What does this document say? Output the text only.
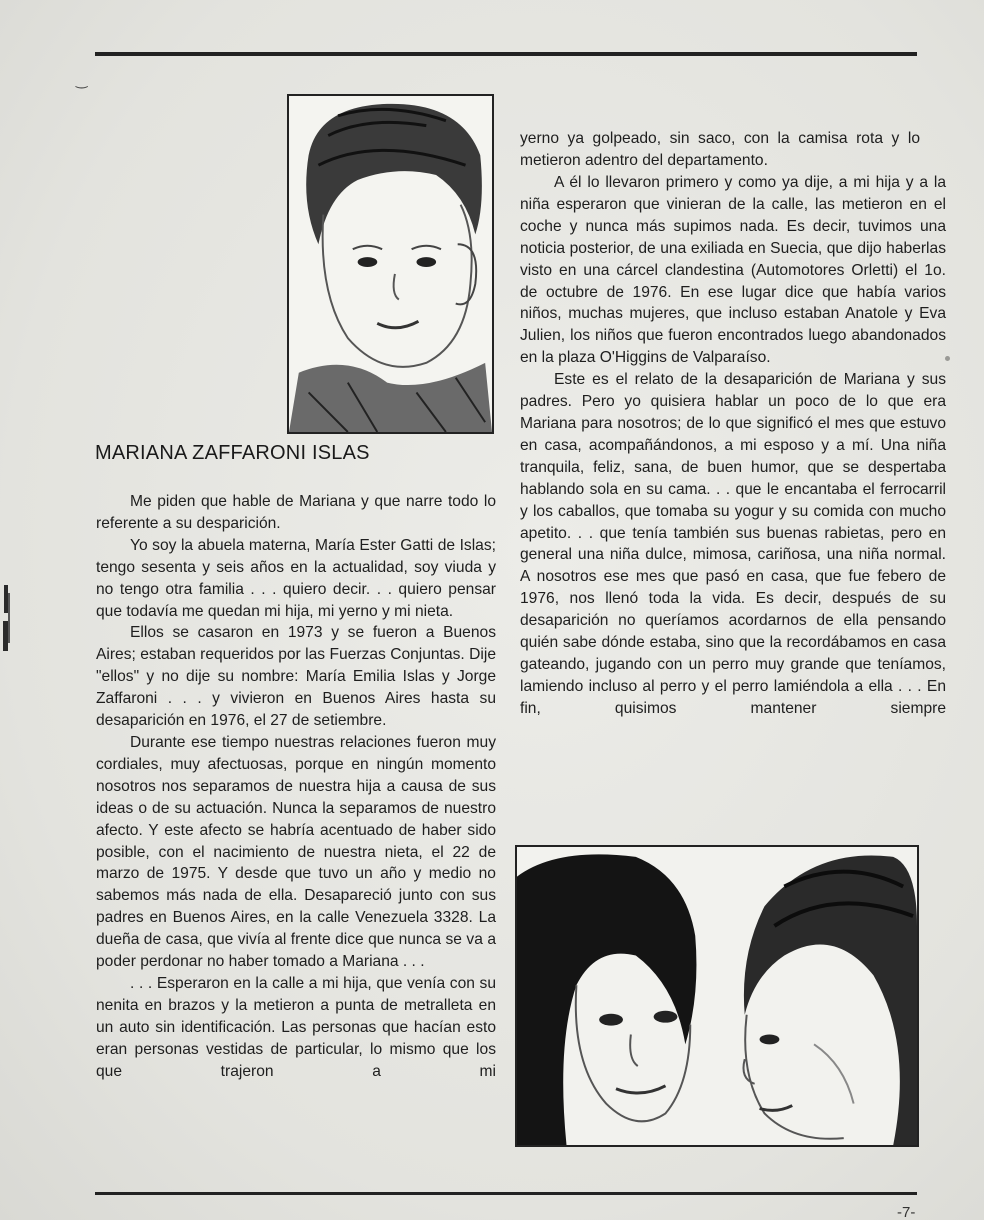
‿
MARIANA ZAFFARONI ISLAS

Me piden que hable de Mariana y que narre todo lo referente a su desparición.

Yo soy la abuela materna, María Ester Gatti de Islas; tengo sesenta y seis años en la actualidad, soy viuda y no tengo otra familia . . . quiero decir. . . quiero pensar que todavía me quedan mi hija, mi yerno y mi nieta.

Ellos se casaron en 1973 y se fueron a Buenos Aires; estaban requeridos por las Fuerzas Conjuntas. Dije "ellos" y no dije su nombre: María Emilia Islas y Jorge Zaffaroni . . . y vivieron en Buenos Aires hasta su desaparición en 1976, el 27 de setiembre.

Durante ese tiempo nuestras relaciones fueron muy cordiales, muy afectuosas, porque en ningún momento nosotros nos separamos de nuestra hija a causa de sus ideas o de su actuación. Nunca la separamos de nuestro afecto. Y este afecto se habría acentuado de haber sido posible, con el nacimiento de nuestra nieta, el 22 de marzo de 1975. Y desde que tuvo un año y medio no sabemos más nada de ella. Desapareció junto con sus padres en Buenos Aires, en la calle Venezuela 3328. La dueña de casa, que vivía al frente dice que nunca se va a poder perdonar no haber tomado a Mariana . . .

. . . Esperaron en la calle a mi hija, que venía con su nenita en brazos y la metieron a punta de metralleta en un auto sin identificación. Las personas que hacían esto eran personas vestidas de particular, lo mismo que los que trajeron a mi

yerno ya golpeado, sin saco, con la camisa rota y lo metieron adentro del departamento.

A él lo llevaron primero y como ya dije, a mi hija y a la niña esperaron que vinieran de la calle, las metieron en el coche y nunca más supimos nada. Es decir, tuvimos una noticia posterior, de una exiliada en Suecia, que dijo haberlas visto en una cárcel clandestina (Automotores Orletti) el 1o. de octubre de 1976. En ese lugar dice que había varios niños, muchas mujeres, que incluso estaban Anatole y Eva Julien, los niños que fueron encontrados luego abandonados en la plaza O'Higgins de Valparaíso.

Este es el relato de la desaparición de Mariana y sus padres. Pero yo quisiera hablar un poco de lo que era Mariana para nosotros; de lo que significó el mes que estuvo en casa, acompañándonos, a mi esposo y a mí. Una niña tranquila, feliz, sana, de buen humor, que se despertaba hablando sola en su cama. . . que le encantaba el ferrocarril y los caballos, que tomaba su yogur y su comida con mucho apetito. . . que tenía también sus buenas rabietas, pero en general una niña dulce, mimosa, cariñosa, una niña normal. A nosotros ese mes que pasó en casa, que fue febero de 1976, nos llenó toda la vida. Es decir, después de su desaparición no queríamos acordarnos de ella pensando quién sabe dónde estaba, sino que la recordábamos en casa gateando, jugando con un perro muy grande que teníamos, lamiendo incluso al perro y el perro lamiéndola a ella . . . En fin, quisimos mantener siempre

-7-
